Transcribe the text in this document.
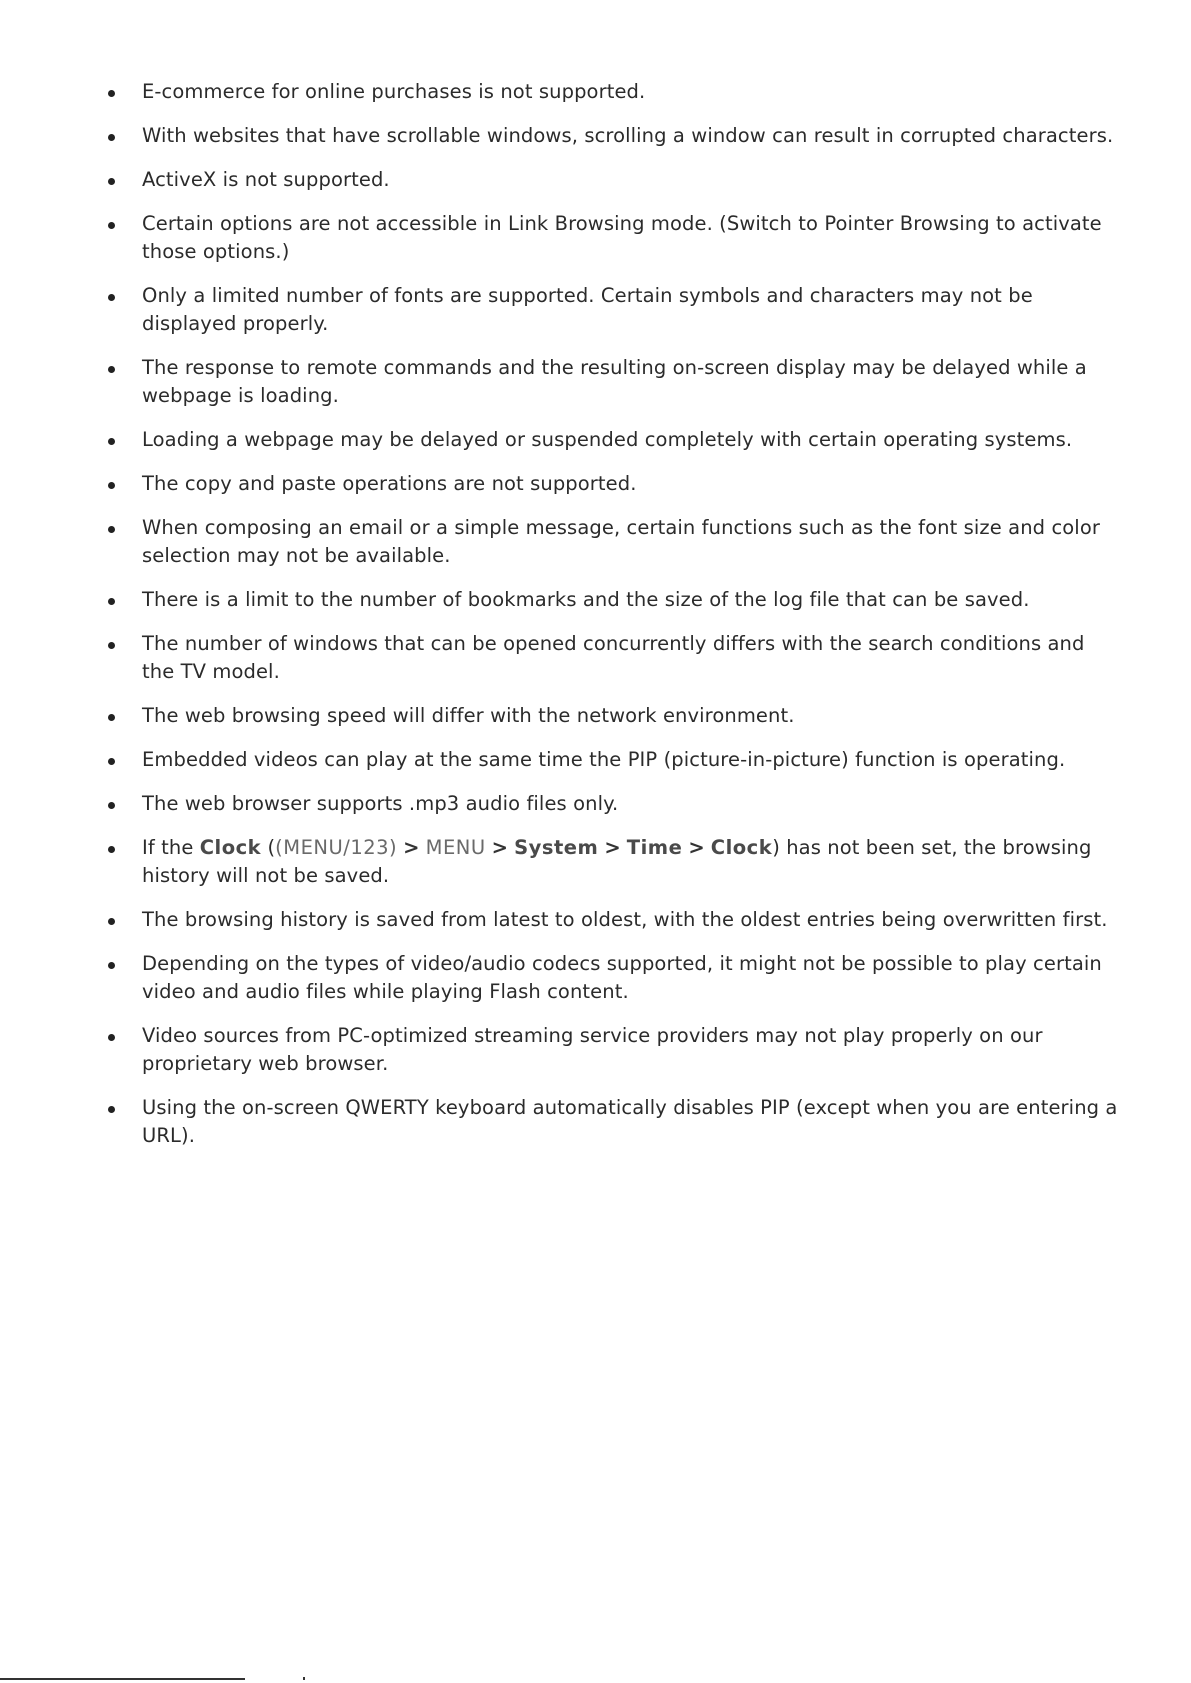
E-commerce for online purchases is not supported.
With websites that have scrollable windows, scrolling a window can result in corrupted characters.
ActiveX is not supported.
Certain options are not accessible in Link Browsing mode. (Switch to Pointer Browsing to activate those options.)
Only a limited number of fonts are supported. Certain symbols and characters may not be displayed properly.
The response to remote commands and the resulting on-screen display may be delayed while a webpage is loading.
Loading a webpage may be delayed or suspended completely with certain operating systems.
The copy and paste operations are not supported.
When composing an email or a simple message, certain functions such as the font size and color selection may not be available.
There is a limit to the number of bookmarks and the size of the log file that can be saved.
The number of windows that can be opened concurrently differs with the search conditions and the TV model.
The web browsing speed will differ with the network environment.
Embedded videos can play at the same time the PIP (picture-in-picture) function is operating.
The web browser supports .mp3 audio files only.
If the Clock ((MENU/123) > MENU > System > Time > Clock) has not been set, the browsing history will not be saved.
The browsing history is saved from latest to oldest, with the oldest entries being overwritten first.
Depending on the types of video/audio codecs supported, it might not be possible to play certain video and audio files while playing Flash content.
Video sources from PC-optimized streaming service providers may not play properly on our proprietary web browser.
Using the on-screen QWERTY keyboard automatically disables PIP (except when you are entering a URL).
